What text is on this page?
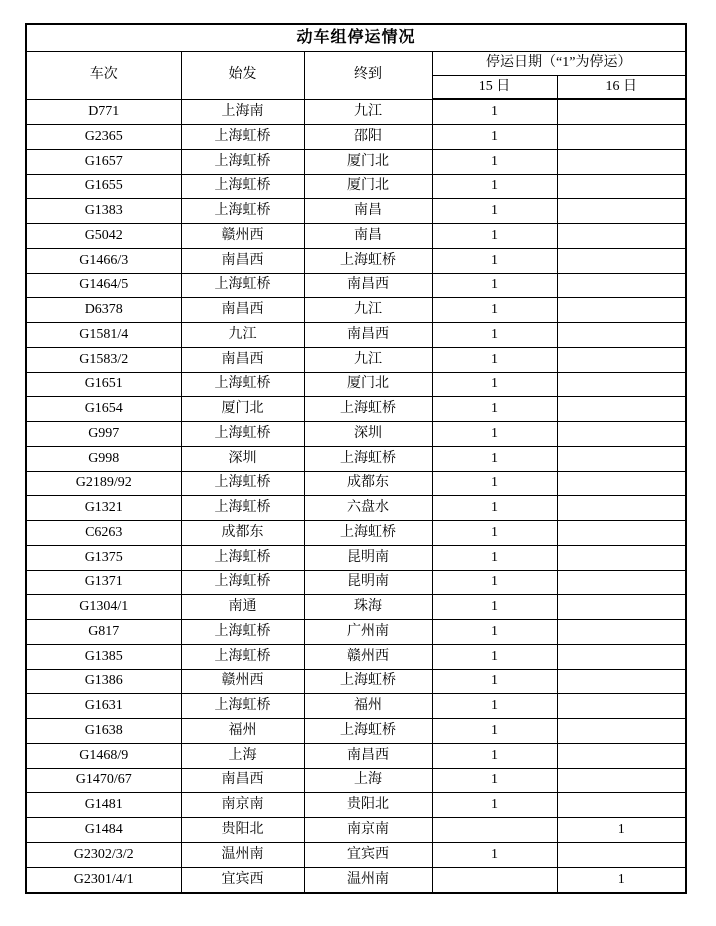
动车组停运情况				
车次	始发	终到	停运日期（“1”为停运）	
			15 日	16 日
D771	上海南	九江	1	
G2365	上海虹桥	邵阳	1	
G1657	上海虹桥	厦门北	1	
G1655	上海虹桥	厦门北	1	
G1383	上海虹桥	南昌	1	
G5042	赣州西	南昌	1	
G1466/3	南昌西	上海虹桥	1	
G1464/5	上海虹桥	南昌西	1	
D6378	南昌西	九江	1	
G1581/4	九江	南昌西	1	
G1583/2	南昌西	九江	1	
G1651	上海虹桥	厦门北	1	
G1654	厦门北	上海虹桥	1	
G997	上海虹桥	深圳	1	
G998	深圳	上海虹桥	1	
G2189/92	上海虹桥	成都东	1	
G1321	上海虹桥	六盘水	1	
C6263	成都东	上海虹桥	1	
G1375	上海虹桥	昆明南	1	
G1371	上海虹桥	昆明南	1	
G1304/1	南通	珠海	1	
G817	上海虹桥	广州南	1	
G1385	上海虹桥	赣州西	1	
G1386	赣州西	上海虹桥	1	
G1631	上海虹桥	福州	1	
G1638	福州	上海虹桥	1	
G1468/9	上海	南昌西	1	
G1470/67	南昌西	上海	1	
G1481	南京南	贵阳北	1	
G1484	贵阳北	南京南		1
G2302/3/2	温州南	宜宾西	1	
G2301/4/1	宜宾西	温州南		1
